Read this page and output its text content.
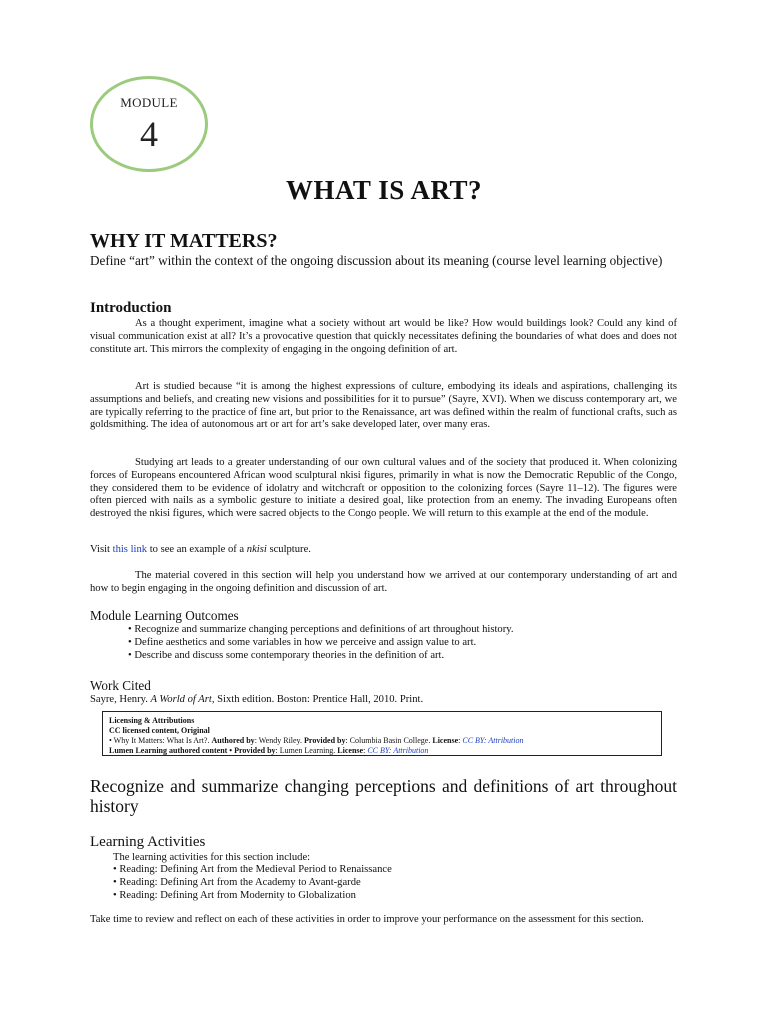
MODULE
4
WHAT IS ART?
WHY IT MATTERS?
Define “art” within the context of the ongoing discussion about its meaning (course level learning objective)
Introduction
As a thought experiment, imagine what a society without art would be like? How would buildings look? Could any kind of visual communication exist at all? It’s a provocative question that quickly necessitates defining the boundaries of what does and does not constitute art. This mirrors the complexity of engaging in the ongoing definition of art.
Art is studied because “it is among the highest expressions of culture, embodying its ideals and aspirations, challenging its assumptions and beliefs, and creating new visions and possibilities for it to pursue” (Sayre, XVI). When we discuss contemporary art, we are typically referring to the practice of fine art, but prior to the Renaissance, art was defined within the realm of functional crafts, such as goldsmithing. The idea of autonomous art or art for art’s sake developed later, over many eras.
Studying art leads to a greater understanding of our own cultural values and of the society that produced it. When colonizing forces of Europeans encountered African wood sculptural nkisi figures, primarily in what is now the Democratic Republic of the Congo, they considered them to be evidence of idolatry and witchcraft or opposition to the colonizing forces (Sayre 11–12). The figures were often pierced with nails as a symbolic gesture to initiate a desired goal, like protection from an enemy. The invading Europeans often destroyed the nkisi figures, which were sacred objects to the Congo people. We will return to this example at the end of the module.
Visit this link to see an example of a nkisi sculpture.
The material covered in this section will help you understand how we arrived at our contemporary understanding of art and how to begin engaging in the ongoing definition and discussion of art.
Module Learning Outcomes
• Recognize and summarize changing perceptions and definitions of art throughout history.
• Define aesthetics and some variables in how we perceive and assign value to art.
• Describe and discuss some contemporary theories in the definition of art.
Work Cited
Sayre, Henry. A World of Art, Sixth edition. Boston: Prentice Hall, 2010. Print.
Licensing & Attributions
CC licensed content, Original
• Why It Matters: What Is Art?. Authored by: Wendy Riley. Provided by: Columbia Basin College. License: CC BY: Attribution
Lumen Learning authored content • Provided by: Lumen Learning. License: CC BY: Attribution
Recognize and summarize changing perceptions and definitions of art throughout history
Learning Activities
The learning activities for this section include:
• Reading: Defining Art from the Medieval Period to Renaissance
• Reading: Defining Art from the Academy to Avant-garde
• Reading: Defining Art from Modernity to Globalization
Take time to review and reflect on each of these activities in order to improve your performance on the assessment for this section.
